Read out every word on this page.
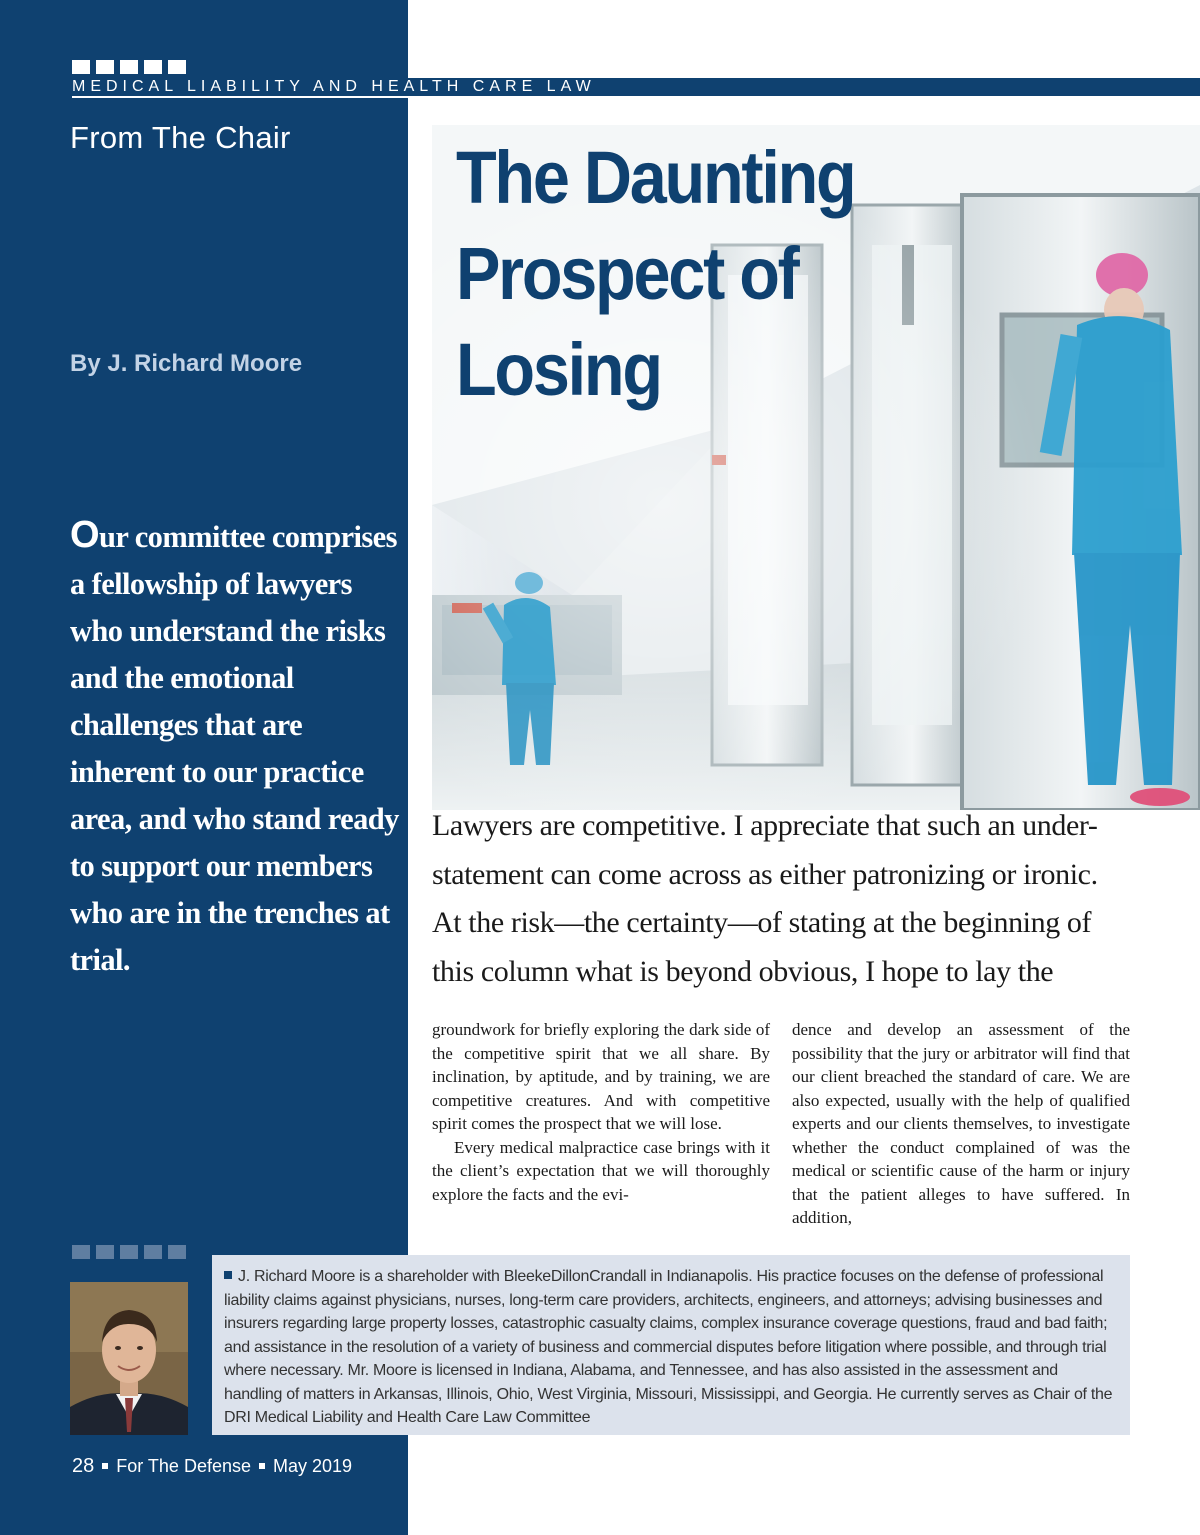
MEDICAL LIABILITY AND HEALTH CARE LAW
From The Chair The Daunting
Prospect of
Losing
By J. Richard Moore
Our committee comprises a fellowship of lawyers who understand the risks and the emotional challenges that are inherent to our practice area, and who stand ready to support our members who are in the trenches at trial.

Lawyers are competitive. I appreciate that such an under-

statement can come across as either patronizing or ironic.

At the risk—the certainty—of stating at the beginning of

this column what is beyond obvious, I hope to lay the

groundwork for briefly exploring the dark side of the competitive spirit that we all share. By inclination, by aptitude, and by training, we are competitive creatures. And with competitive spirit comes the prospect that we will lose.

Every medical malpractice case brings with it the client’s expectation that we will thoroughly explore the facts and the evi-

dence and develop an assessment of the possibility that the jury or arbitrator will find that our client breached the standard of care. We are also expected, usually with the help of qualified experts and our clients themselves, to investigate whether the conduct complained of was the medical or scientific cause of the harm or injury that the patient alleges to have suffered. In addition,

J. Richard Moore is a shareholder with BleekeDillonCrandall in Indianapolis. His practice focuses on the defense of professional liability claims against physicians, nurses, long-term care providers, architects, engineers, and attorneys; advising businesses and insurers regarding large property losses, catastrophic casualty claims, complex insurance coverage questions, fraud and bad faith; and assistance in the resolution of a variety of business and commercial disputes before litigation where possible, and through trial where necessary. Mr. Moore is licensed in Indiana, Alabama, and Tennessee, and has also assisted in the assessment and handling of matters in Arkansas, Illinois, Ohio, West Virginia, Missouri, Mississippi, and Georgia. He currently serves as Chair of the DRI Medical Liability and Health Care Law Committee
28 For The Defense May 2019
